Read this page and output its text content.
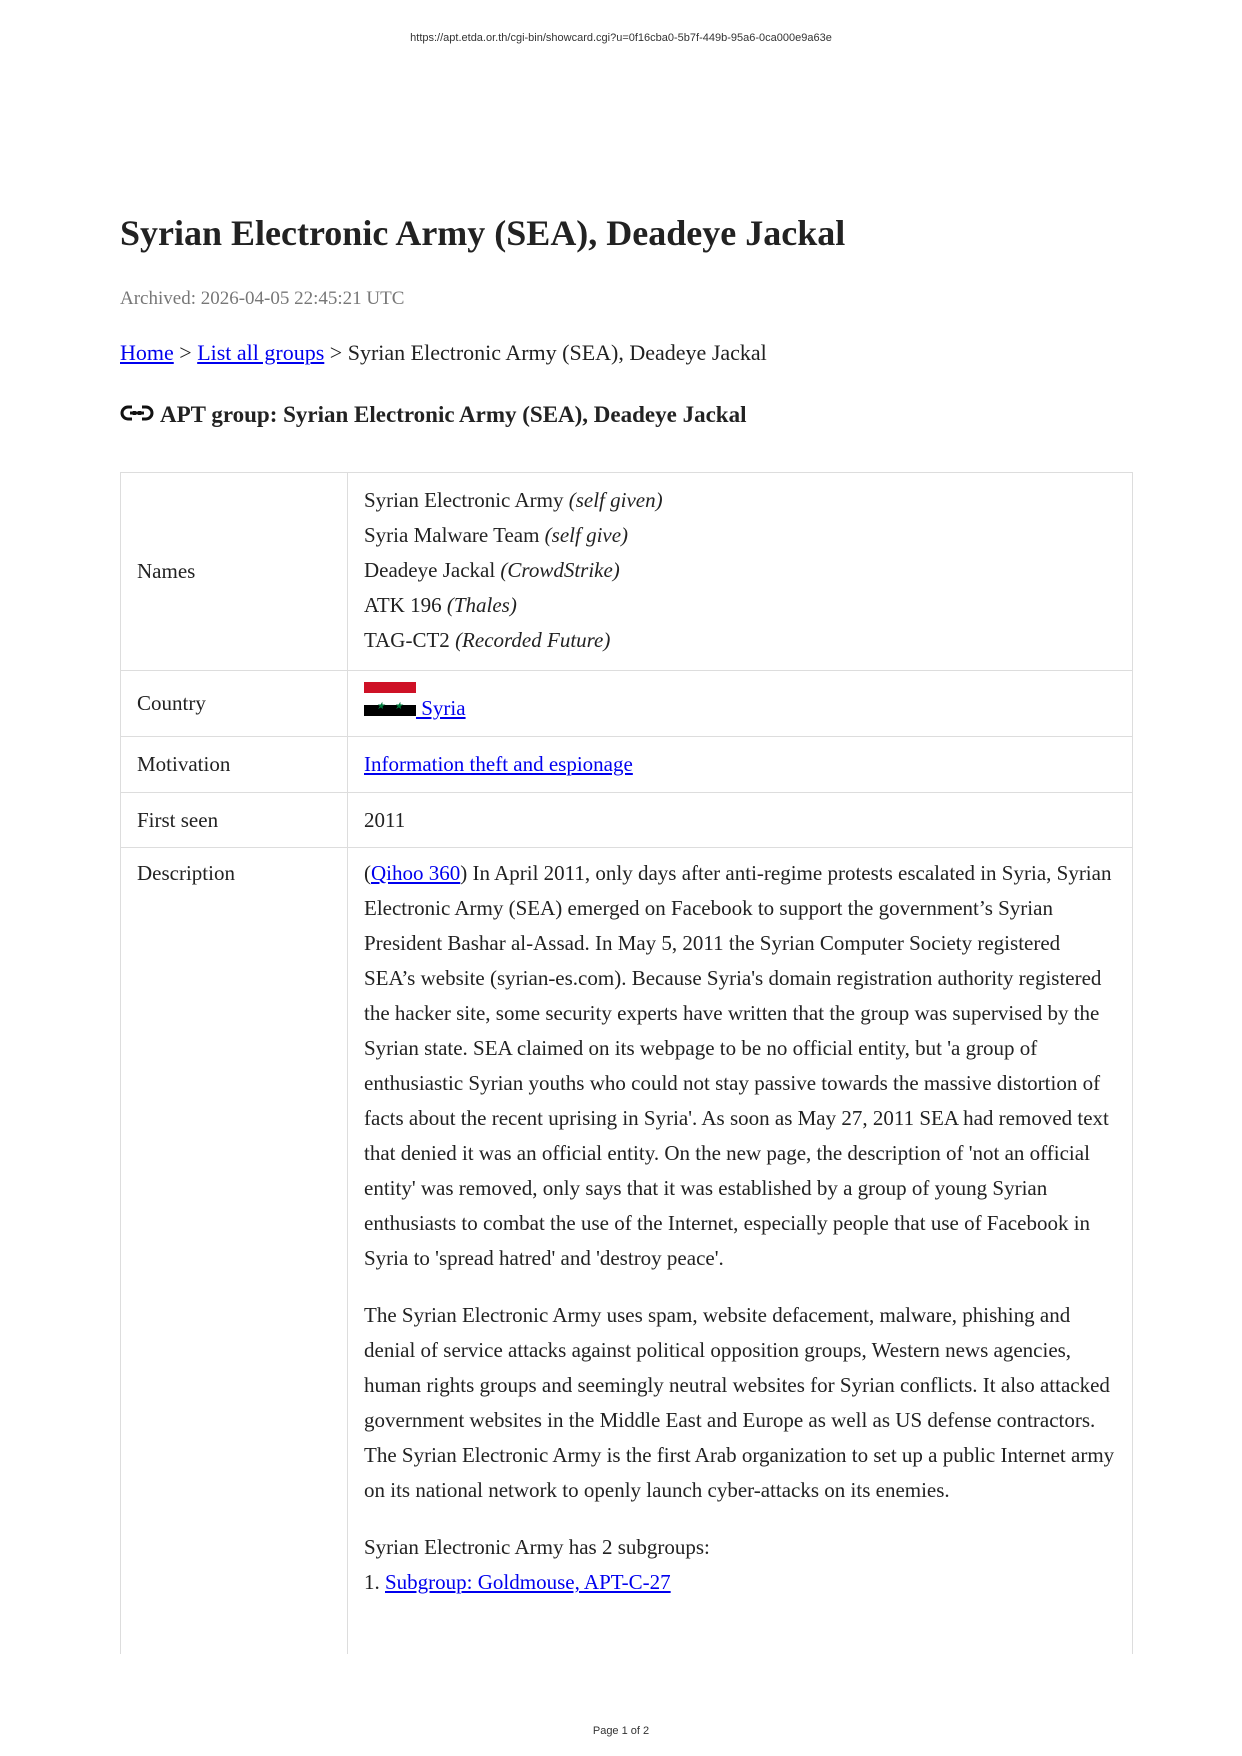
https://apt.etda.or.th/cgi-bin/showcard.cgi?u=0f16cba0-5b7f-449b-95a6-0ca000e9a63e
Syrian Electronic Army (SEA), Deadeye Jackal
Archived: 2026-04-05 22:45:21 UTC
Home > List all groups > Syrian Electronic Army (SEA), Deadeye Jackal
APT group: Syrian Electronic Army (SEA), Deadeye Jackal
Names	Syrian Electronic Army (self given)
Syria Malware Team (self give)
Deadeye Jackal (CrowdStrike)
ATK 196 (Thales)
TAG-CT2 (Recorded Future)

Country	★ ★ Syria
Motivation	Information theft and espionage
First seen	2011
Description	(Qihoo 360) In April 2011, only days after anti-regime protests escalated in Syria, Syrian Electronic Army (SEA) emerged on Facebook to support the government’s Syrian President Bashar al-Assad. In May 5, 2011 the Syrian Computer Society registered SEA’s website (syrian-es.com). Because Syria's domain registration authority registered the hacker site, some security experts have written that the group was supervised by the Syrian state. SEA claimed on its webpage to be no official entity, but 'a group of enthusiastic Syrian youths who could not stay passive towards the massive distortion of facts about the recent uprising in Syria'. As soon as May 27, 2011 SEA had removed text that denied it was an official entity. On the new page, the description of 'not an official entity' was removed, only says that it was established by a group of young Syrian enthusiasts to combat the use of the Internet, especially people that use of Facebook in Syria to 'spread hatred' and 'destroy peace'.

The Syrian Electronic Army uses spam, website defacement, malware, phishing and denial of service attacks against political opposition groups, Western news agencies, human rights groups and seemingly neutral websites for Syrian conflicts. It also attacked government websites in the Middle East and Europe as well as US defense contractors. The Syrian Electronic Army is the first Arab organization to set up a public Internet army on its national network to openly launch cyber-attacks on its enemies.

Syrian Electronic Army has 2 subgroups:

1. Subgroup: Goldmouse, APT-C-27
Page 1 of 2
